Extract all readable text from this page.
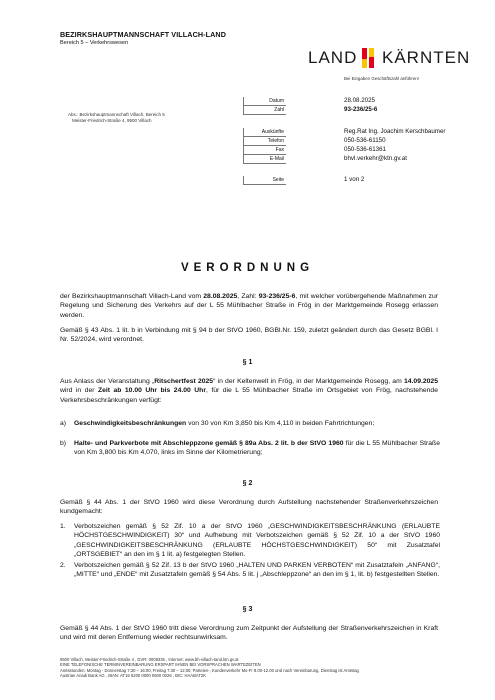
BEZIRKSHAUPTMANNSCHAFT VILLACH-LAND
Bereich 5 – Verkehrswesen
LAND KÄRNTEN
Bei Eingaben Geschäftszahl anführen!
Abs.: Bezirkshauptmannschaft Villach, Bereich 5
Meister-Friedrich-Straße 4, 9500 Villach
Datum	28.08.2025
Zahl	93-236/25-6
Auskünfte	Reg.Rat Ing. Joachim Kerschbaumer
Telefon	050-536-61150
Fax	050-536-61361
E-Mail	bhvl.verkehr@ktn.gv.at
Seite	1 von 2
VERORDNUNG
der Bezirkshauptmannschaft Villach-Land vom 28.08.2025, Zahl: 93-236/25-6, mit welcher vorübergehende Maßnahmen zur Regelung und Sicherung des Verkehrs auf der L 55 Mühlbacher Straße in Frög in der Marktgemeinde Rosegg erlassen werden.
Gemäß § 43 Abs. 1 lit. b in Verbindung mit § 94 b der StVO 1960, BGBl.Nr. 159, zuletzt geändert durch das Gesetz BGBl. I Nr. 52/2024, wird verordnet.
§ 1
Aus Anlass der Veranstaltung „Ritschertfest 2025“ in der Keltenwelt in Frög, in der Marktgemeinde Rosegg, am 14.09.2025 wird in der Zeit ab 10.00 Uhr bis 24.00 Uhr, für die L 55 Mühlbacher Straße im Ortsgebiet von Frög, nachstehende Verkehrsbeschränkungen verfügt:
a) Geschwindigkeitsbeschränkungen von 30 von Km 3,850 bis Km 4,110 in beiden Fahrtrichtungen;
b) Halte- und Parkverbote mit Abschleppzone gemäß § 89a Abs. 2 lit. b der StVO 1960 für die L 55 Mühlbacher Straße von Km 3,800 bis Km 4,070, links im Sinne der Kilometrierung;
§ 2
Gemäß § 44 Abs. 1 der StVO 1960 wird diese Verordnung durch Aufstellung nachstehender Straßenverkehrszeichen kundgemacht:
1. Verbotszeichen gemäß § 52 Zif. 10 a der StVO 1960 „GESCHWINDIGKEITSBESCHRÄNKUNG (ERLAUBTE HÖCHSTGESCHWINDIGKEIT) 30“ und Aufhebung mit Verbotszeichen gemäß § 52 Zif. 10 a der StVO 1960 „GESCHWINDIGKEITSBESCHRÄNKUNG (ERLAUBTE HÖCHSTGESCHWINDIGKEIT) 50“ mit Zusatztafel „ORTSGEBIET“ an den im § 1 lit. a) festgelegten Stellen.
2. Verbotszeichen gemäß § 52 Zif. 13 b der StVO 1960 „HALTEN UND PARKEN VERBOTEN“ mit Zusatztafeln „ANFANG“, „MITTE“ und „ENDE“ mit Zusatztafeln gemäß § 54 Abs. 5 lit. j „Abschleppzone“ an den im § 1, lit. b) festgestellten Stellen.
§ 3
Gemäß § 44 Abs. 1 der StVO 1960 tritt diese Verordnung zum Zeitpunkt der Aufstellung der Straßenverkehrszeichen in Kraft und wird mit deren Entfernung wieder rechtsunwirksam.
9500 Villach, Meister-Friedrich-Straße 4 , DVR: 0008335 , Internet: www.bh-villach-land.ktn.gv.at
EINE TELEFONISCHE TERMINVEREINBARUNG ERSPART IHNEN BEI VORSPRACHEN WARTEZEITEN
Amtsstunden: Montag - Donnerstag 7:30 – 16:00, Freitag 7:30 – 12:00; Parteien-, Kundenverkehr Mo-Fr 8.00-12.00 und nach Vereinbarung, Dienstag ist Amtstag
Austrian Anadi Bank AG , IBAN: AT19 5200 0000 0600 0026 , BIC: HAABAT2K
